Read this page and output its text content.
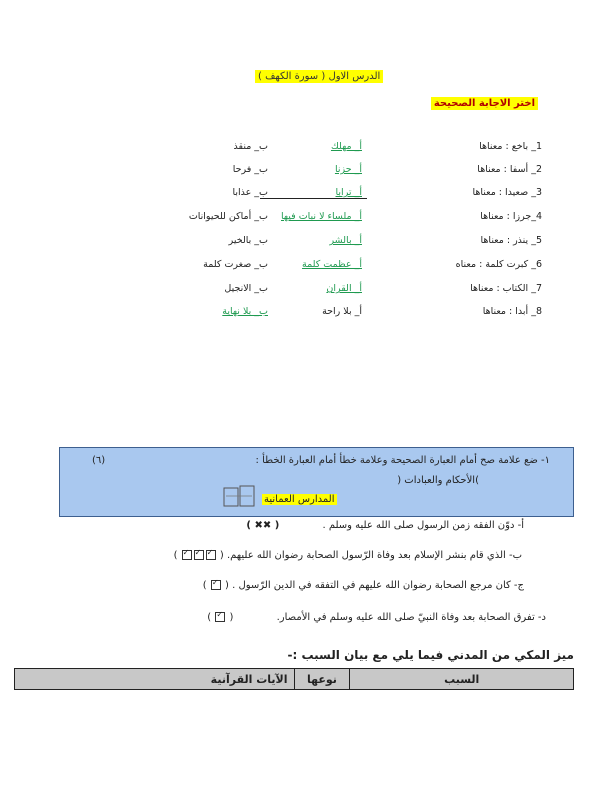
الدرس الاول ( سورة الكهف )
اختر الاجابة الصحيحة
1_ باخع : معناها
أ_ مهلك
ب_ منقذ
2_ أسفا : معناها
أ_ حزنا
ب_ فرحا
3_ صعيدا : معناها
أ_ ترابا
ب_ عذابا
4_جرزا : معناها
أ_ ملساء لا نبات فيها
ب_ أماكن للحيوانات
5_ ينذر : معناها
أ_ بالشر
ب_ بالخير
6_ كبرت كلمة : معناه
أ_ عظمت كلمة
ب_ صغرت كلمة
7_ الكتاب : معناها
أ_ القران
ب_ الانجيل
8_ أبدا : معناها
أ_ بلا راحة
ب_ بلا نهاية
١- ضع علامة صح أمام العبارة الصحيحة وعلامة خطأ أمام العبارة الخطأ :
(٦)
)الأحكام والعبادات (
المدارس العمانية
أ- دوّن الفقه زمن الرسول صلى الله عليه وسلم . ( ✖✖ )
ب- الذي قام بنشر الإسلام بعد وفاة الرّسول الصحابة رضوان الله عليهم. ( ✓✓✓ )
ج- كان مرجع الصحابة رضوان الله عليهم في التفقه في الدين الرّسول . ( ✓ )
د- تفرق الصحابة بعد وفاة النبيّ صلى الله عليه وسلم في الأمصار. ( ✓ )
ميز المكي من المدني فيما يلي مع بيان السبب :-
الآيات القرآنية	نوعها	السبب
